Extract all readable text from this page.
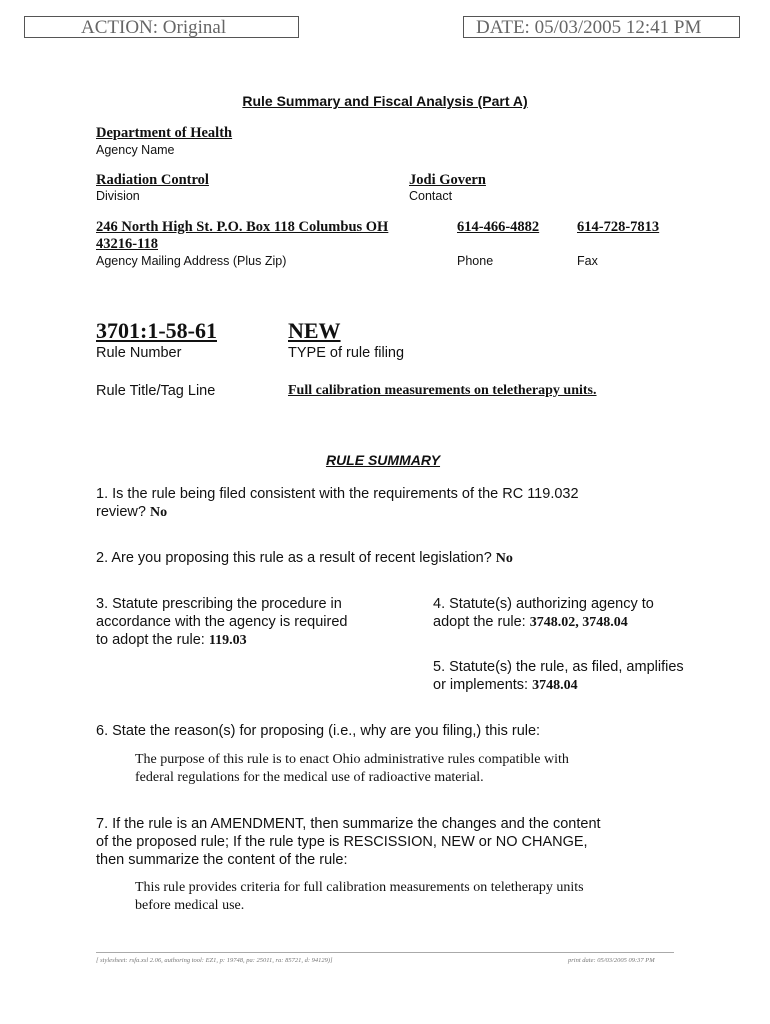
ACTION: Original	DATE: 05/03/2005 12:41 PM
Rule Summary and Fiscal Analysis (Part A)
Department of Health
Agency Name
Radiation Control
Division
Jodi Govern
Contact
246 North High St. P.O. Box 118 Columbus OH
43216-118
Agency Mailing Address (Plus Zip)
614-466-4882
Phone
614-728-7813
Fax
3701:1-58-61
Rule Number
NEW
TYPE of rule filing
Rule Title/Tag Line	Full calibration measurements on teletherapy units.
RULE SUMMARY
1. Is the rule being filed consistent with the requirements of the RC 119.032
review? No
2. Are you proposing this rule as a result of recent legislation? No
3. Statute prescribing the procedure in
accordance with the agency is required
to adopt the rule: 119.03
4. Statute(s) authorizing agency to
adopt the rule: 3748.02, 3748.04
5. Statute(s) the rule, as filed, amplifies
or implements: 3748.04
6. State the reason(s) for proposing (i.e., why are you filing,) this rule:
The purpose of this rule is to enact Ohio administrative rules compatible with
federal regulations for the medical use of radioactive material.
7. If the rule is an AMENDMENT, then summarize the changes and the content
of the proposed rule; If the rule type is RESCISSION, NEW or NO CHANGE,
then summarize the content of the rule:
This rule provides criteria for full calibration measurements on teletherapy units
before medical use.
[ stylesheet: rsfa.xsl 2.06, authoring tool: EZ1, p: 19748, pa: 25011, ra: 85721, d: 94129)]	print date: 05/03/2005 09:37 PM
